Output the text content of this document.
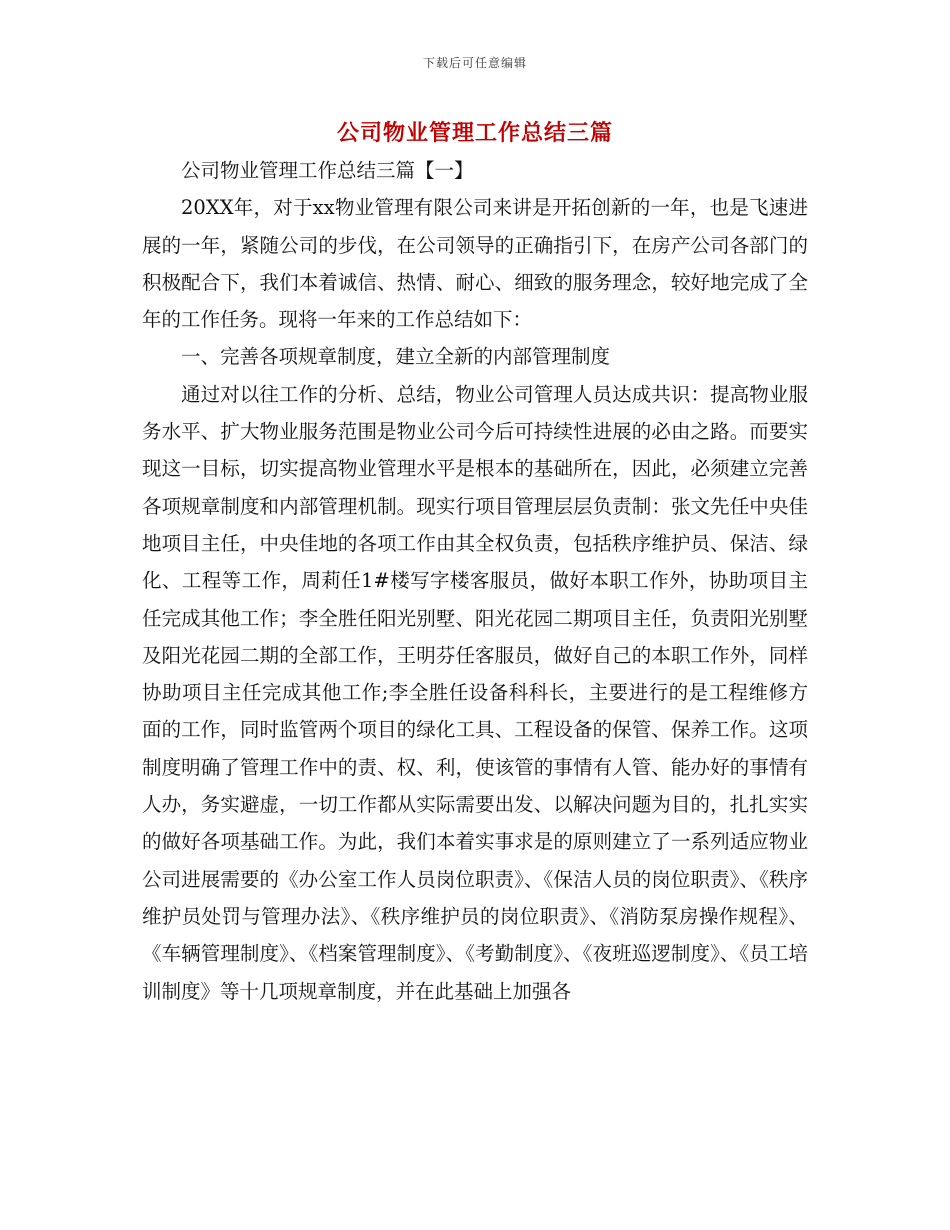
下载后可任意编辑
公司物业管理工作总结三篇

公司物业管理工作总结三篇【一】

20XX年，对于xx物业管理有限公司来讲是开拓创新的一年，也是飞速进展的一年，紧随公司的步伐，在公司领导的正确指引下，在房产公司各部门的积极配合下，我们本着诚信、热情、耐心、细致的服务理念，较好地完成了全年的工作任务。现将一年来的工作总结如下：

一、完善各项规章制度，建立全新的内部管理制度

通过对以往工作的分析、总结，物业公司管理人员达成共识：提高物业服务水平、扩大物业服务范围是物业公司今后可持续性进展的必由之路。而要实现这一目标，切实提高物业管理水平是根本的基础所在，因此，必须建立完善各项规章制度和内部管理机制。现实行项目管理层层负责制：张文先任中央佳地项目主任，中央佳地的各项工作由其全权负责，包括秩序维护员、保洁、绿化、工程等工作，周莉任1#楼写字楼客服员，做好本职工作外，协助项目主任完成其他工作；李全胜任阳光别墅、阳光花园二期项目主任，负责阳光别墅及阳光花园二期的全部工作，王明芬任客服员，做好自己的本职工作外，同样协助项目主任完成其他工作;李全胜任设备科科长，主要进行的是工程维修方面的工作，同时监管两个项目的绿化工具、工程设备的保管、保养工作。这项制度明确了管理工作中的责、权、利，使该管的事情有人管、能办好的事情有人办，务实避虚，一切工作都从实际需要出发、以解决问题为目的，扎扎实实的做好各项基础工作。为此，我们本着实事求是的原则建立了一系列适应物业公司进展需要的《办公室工作人员岗位职责》、《保洁人员的岗位职责》、《秩序维护员处罚与管理办法》、《秩序维护员的岗位职责》、《消防泵房操作规程》、《车辆管理制度》、《档案管理制度》、《考勤制度》、《夜班巡逻制度》、《员工培训制度》等十几项规章制度，并在此基础上加强各
